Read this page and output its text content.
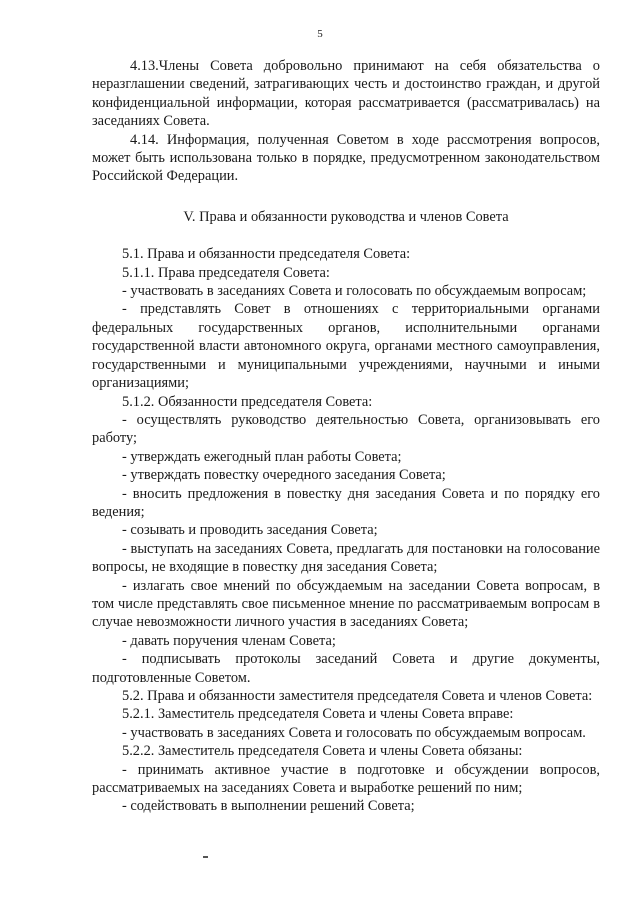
5

4.13.Члены Совета добровольно принимают на себя обязательства о неразглашении сведений, затрагивающих честь и достоинство граждан, и другой конфиденциальной информации, которая рассматривается (рассматривалась) на заседаниях Совета.

4.14. Информация, полученная Советом в ходе рассмотрения вопросов, может быть использована только в порядке, предусмотренном законодательством Российской Федерации.

V. Права и обязанности руководства и членов Совета

5.1. Права и обязанности председателя Совета:

5.1.1. Права председателя Совета:

- участвовать в заседаниях Совета и голосовать по обсуждаемым вопросам;

- представлять Совет в отношениях с территориальными органами федеральных государственных органов, исполнительными органами государственной власти автономного округа, органами местного самоуправления, государственными и муниципальными учреждениями, научными и иными организациями;

5.1.2. Обязанности председателя Совета:

- осуществлять руководство деятельностью Совета, организовывать его работу;

- утверждать ежегодный план работы Совета;

- утверждать повестку очередного заседания Совета;

- вносить предложения в повестку дня заседания Совета и по порядку его ведения;

- созывать и проводить заседания Совета;

- выступать на заседаниях Совета, предлагать для постановки на голосование вопросы, не входящие в повестку дня заседания Совета;

- излагать свое мнений по обсуждаемым на заседании Совета вопросам, в том числе представлять свое письменное мнение по рассматриваемым вопросам в случае невозможности личного участия в заседаниях Совета;

- давать поручения членам Совета;

- подписывать протоколы заседаний Совета и другие документы, подготовленные Советом.

5.2. Права и обязанности заместителя председателя Совета и членов Совета:

5.2.1. Заместитель председателя Совета и члены Совета вправе:

- участвовать в заседаниях Совета и голосовать по обсуждаемым вопросам.

5.2.2. Заместитель председателя Совета и члены Совета обязаны:

- принимать активное участие в подготовке и обсуждении вопросов, рассматриваемых на заседаниях Совета и выработке решений по ним;

- содействовать в выполнении решений Совета;
